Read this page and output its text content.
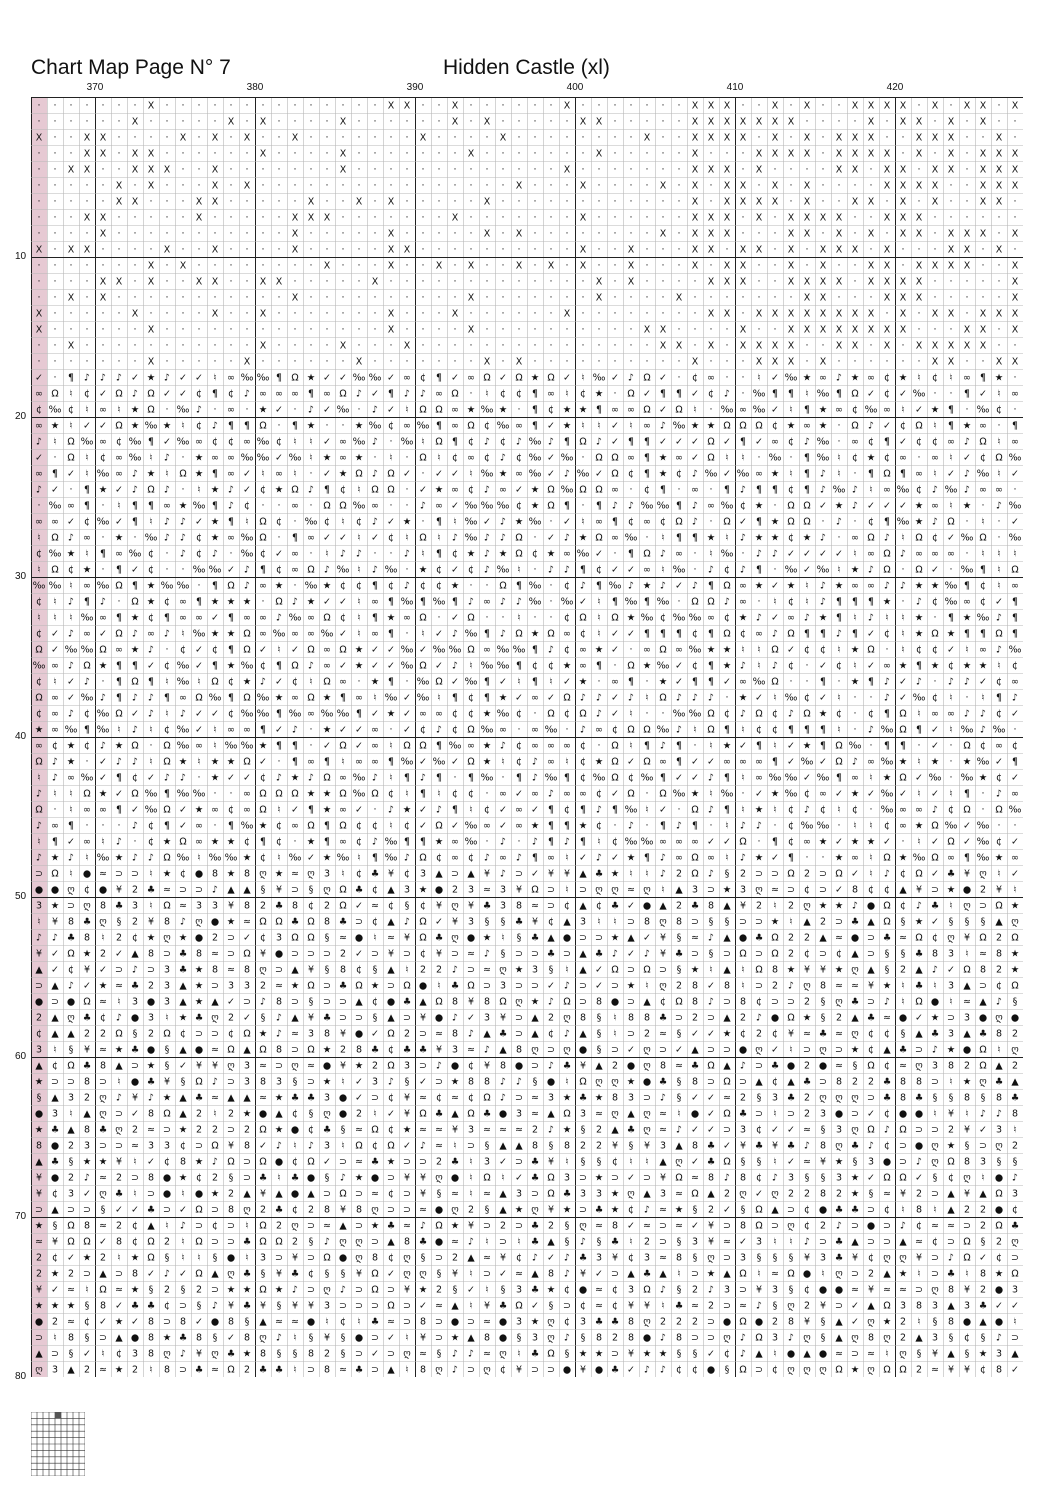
Chart Map Page N° 7	Hidden Castle (xl)
370	380	390	400	410	420
10
20
30
40
50
60
70
80
· · · · · · · X · · · · · · · · · · · · · · X X · · X · · · · · · X · · · · · · · X X X · · X · X · · X X X X · X · X X · X
· · · · · · X · · · · · X · X · · · · X · · · · · · X · X · · · · · X X · · · · · X X X X X X X · · · · X · X X · X · X · ·
X · · X X · · · · X · X · X · · X · · · · · · · X · · · · X · · · · · · · · X · · X X X X · X · X · X X X · · X X X · · X ·
· · · X X · X X · · · · · · X · · · · X · · · · · · · X · · · · · · · X · · · · · X · · · X X X X · X X X X · X · X · X X X
· · X X · · X X X · · X · · · · · · · X · · · · · · · · · · · · · X · · · · · · · X X X · X · · · · X X · X X · X X · X X X
· · · · · X · X · · · X · X · · · · · · · · · · · · · · · · X · · · X · · · · X · X · X X · X · X · · · · X X X X · · X X X
· · · · · X X · · · X X · · · · · X · · X · X · · · · · X · · · · · · · · · · · · X · X X X X · X · · X X · X · X · · X X ·
· · · X X · · · · · X · · · · · X X X · · · · · · · X · · · · · · · X · · · · · · X X X · X · X X X X · · X X X · · · · · ·
· · · · X · · · · · · · · · · · X · · · · · X · · · · · X · X · · · · · · · · X · X X X · · · X X · X · X · X X · X X X · X
X · X X · · · · X · · X · · · · X · · · · · X X · · · · · · · · · · X · · X · · · X X · X X · X · X X X · X · · · X X · X ·
· · · · · · · X · X · · · · · · · · X · · · X · · X · X · · X · X · X · · X · · · X · X X · · X · X · · X X · X X X X · · X
· · · · X X · X · · X X · · X X · · · · · X · · · · · · · · · · · · · X · X · · · · X X X · · X X X X · X X X X · · · · · X
· · X · X · · · · · · · · · · · X · · · · · · · · · · X · · · · · · · X · · · · X · · · · · · · X X · · · X X X · · · · · X
X · · · · · X · · · · X · · X · · · · · · · X · · · X · · · · · · X · · · · · · · · X X · X X X X X X X X · X · X X · X X X
X · · · · · · X · · · · · · · · · · · · · · X · · · · X · · · · · · · · · · X X · · · · X · · X X X X X X X X · · · X X · X
· · X · · · · · · · · · · · X · · · · X · · · X · · · · · · · · · · · · · · · X X · X · X X X X · · X X · X · X X X X X · ·
· · · · · · · X · · · · · X · · · · · · X · · · · · · · X · X · · · · · · · · · · X · · · X X X · X · · · · · · X X · · X X
✓ · ¶ ♪ ♪ ♪ ✓ ★ ♪ ✓ ✓ ♮ ∞ ‰ ‰ ¶ Ω ★ ✓ ✓ ‰ ‰ ✓ ∞ ¢ ¶ ✓ ∞ Ω ✓ Ω ★ Ω ✓ ♮ ‰ ✓ ♪ Ω ✓ · ¢ ∞ · · ♮ ✓ ‰ ★ ∞ ♪ ★ ∞ ¢ ★ ♮ ¢ ♮ ∞ ¶ ★ ·
∞ Ω ♮ ¢ ✓ Ω ♪ Ω ✓ ✓ ¢ ¶ ¢ ♪ ∞ ∞ ∞ ¶ ∞ Ω ♪ ✓ ¶ ♪ ♪ ∞ Ω · ♮ ¢ ¢ ¶ ∞ ♮ ¢ ★ · Ω ✓ ¶ ¶ ✓ ¢ ♪ · ‰ ¶ ¶ ♮ ‰ ¶ Ω ✓ ¢ ✓ ‰ · · ¶ ✓ ♮ ∞
¢ ‰ ¢ ♮ ∞ ♮ ★ Ω · ‰ ♪ · ∞ · ★ ✓ · ♪ ✓ ‰ · ♪ ✓ ♮ Ω Ω ∞ ★ ‰ ★ · ¶ ¢ ★ ★ ¶ ∞ ∞ Ω ✓ Ω ♮ · ‰ ∞ ‰ ✓ ♮ ¶ ★ ∞ ¢ ‰ ∞ ♮ ✓ ★ ¶ · ‰ ¢ ·
∞ ★ ♮ ✓ ✓ Ω ★ ‰ ★ ♮ ¢ ♪ ¶ ¶ Ω · ¶ ★ · · ★ ‰ ¢ ∞ ‰ ¶ ∞ Ω ¢ ‰ ∞ ¶ ✓ ★ ♮ ♮ ✓ ♮ ∞ ♪ ‰ ★ ★ Ω Ω Ω ¢ ★ ∞ ★ · Ω ♪ ✓ ¢ Ω ♮ ¶ ★ ∞ · ¶
♪ ♮ Ω ‰ ∞ ¢ ‰ ¶ ✓ ‰ ∞ ¢ ¢ ∞ ‰ ¢ ♮ ♮ ✓ ∞ ‰ ♪ · ‰ ♮ Ω ¶ ¢ ♪ ¢ ♪ ‰ ♪ ¶ Ω ♪ ✓ ¶ ¶ ✓ ✓ ✓ Ω ✓ ¶ ✓ ∞ ¢ ♪ ‰ · ∞ ¢ ¶ ✓ ¢ ¢ ∞ ♪ Ω ♮ ∞
✓ · Ω ♮ ¢ ∞ ‰ ♮ ♪ · ★ ∞ ∞ ‰ ‰ ✓ ‰ ♮ ★ ∞ ★ · ♮ · Ω ♮ ¢ ∞ ¢ ♪ ¢ ‰ ✓ ‰ · Ω Ω ∞ ¶ ★ ∞ ✓ Ω ♮ ♮ · ‰ · ¶ ‰ ♮ ¢ ★ ¢ ∞ · ∞ ♮ ✓ ¢ Ω ‰
∞ ¶ ✓ ♮ ‰ ∞ ♪ ★ ♮ Ω ★ ¶ ∞ ✓ ♮ ∞ ♮ · ✓ ★ Ω ♪ Ω ✓ · ✓ ✓ ♮ ‰ ★ ∞ ‰ ✓ ♪ ‰ ✓ Ω ¢ ¶ ★ ¢ ♪ ‰ ✓ ‰ ∞ ★ ♮ ¶ ♪ ♮ · ¶ Ω ¶ ∞ ♮ ✓ ♪ ‰ ♮ ✓
♪ ✓ · ¶ ★ ✓ ♪ Ω ♪ · ♮ ★ ♪ ✓ ¢ ★ Ω ♪ ¶ ¢ ♮ Ω Ω · ✓ ★ ∞ ¢ ♪ ∞ ✓ ★ Ω ‰ Ω Ω ∞ · ¢ ¶ · ∞ · ¶ ♪ ¶ ¶ ¢ ¶ ♪ ‰ ♪ ♮ ∞ ‰ ¢ ♪ ‰ ♪ ∞ ∞ ·
· ‰ ∞ ¶ · ♮ ¶ ¶ ∞ ★ ‰ ¶ ♪ ¢ · · ∞ · Ω Ω ‰ ∞ · · ♪ ∞ ✓ ‰ ‰ ‰ ¢ ★ Ω ¶ · ¶ ♪ ♪ ‰ ‰ ¶ ♪ ∞ ‰ ¢ ★ · Ω Ω ✓ ★ ♪ ✓ ✓ ✓ ★ ∞ ♮ ★ · ♪ ‰
∞ ∞ ✓ ¢ ‰ ✓ ¶ ♮ ♪ ♪ ✓ ★ ¶ ♮ Ω ¢ · ‰ ¢ ♮ ¢ ♪ ✓ ★ · ¶ ♮ ‰ ✓ ♪ ★ ‰ · ✓ ♮ ∞ ¶ ¢ ∞ ¢ Ω ♪ · Ω ✓ ¶ ★ Ω Ω · ♪ · ¢ ¶ ‰ ★ ♪ Ω · ♮ · ✓
♮ Ω ♪ ∞ · ★ · ‰ ♪ ♪ ¢ ★ ∞ ‰ Ω · ¶ ∞ ✓ ✓ ♮ ✓ ¢ ♮ Ω ♮ ♪ ‰ ♪ ♪ Ω · ✓ ♪ ★ Ω ∞ ‰ · ♮ ¶ ¶ ★ ♮ ♪ ★ ★ ¢ ★ ♪ · ∞ Ω ♪ ♮ Ω ¢ ✓ ‰ Ω · ‰
¢ ‰ ★ ♮ ¶ ∞ ‰ ¢ · ♪ ¢ ♪ · ‰ ¢ ✓ ∞ · ♮ ♪ ♪ · · ♪ ♮ ¶ ¢ ★ ♪ ★ Ω ¢ ★ ∞ ‰ ✓ · ¶ Ω ♪ ∞ · ♮ ‰ · ♪ ♪ ✓ ✓ ✓ ✓ ♮ ∞ Ω ♪ ∞ ∞ ∞ · ♮ ♮ ♮
♮ Ω ¢ ★ · ¶ ✓ ¢ · · ‰ ‰ ✓ ♪ ¶ ¢ ∞ Ω ♪ ‰ ♮ ♪ ‰ · ★ ¢ ✓ ¢ ♪ ‰ ♮ · ♪ ♪ ¶ ¢ ✓ ✓ ∞ ♮ ‰ · ♪ ¢ ♪ ¶ · ‰ ✓ ‰ ♮ ★ ♪ Ω · Ω ✓ · ‰ ¶ ♮ Ω
‰ ‰ ♮ ∞ ‰ Ω ¶ ★ ‰ ‰ · ¶ Ω ♪ ∞ ★ · ‰ ★ ¢ ¢ ¶ ¢ ♪ ¢ ¢ ★ · · Ω ¶ ‰ · ¢ ♪ ¶ ‰ ♪ ★ ♪ ✓ ♪ ¶ Ω ∞ ★ ✓ ★ ♮ ♪ ★ ∞ ∞ ♪ ♪ ★ ★ ‰ ¶ ¢ ♮ ∞
¢ ♮ ♪ ¶ ♪ · Ω ★ ¢ ∞ ¶ ★ ★ ★ · Ω ♪ ★ ✓ ✓ ♮ ∞ ¶ ‰ ¶ ‰ ¶ ♪ ∞ ♪ ♪ ‰ · ‰ ✓ ♮ ¶ ‰ ¶ ‰ · Ω Ω ♪ ∞ · ♮ ¢ ♮ ♪ ¶ ¶ ¶ ★ · ♪ ¢ ‰ ∞ ¢ ✓ ¶
♮ ♮ ♮ ‰ ∞ ¶ ★ ¢ ¶ ∞ ∞ ✓ ¶ ∞ ∞ ♪ ‰ ∞ Ω ¢ ♮ ¶ ★ ∞ Ω · ✓ Ω · · ♮ · · ¢ Ω ♮ Ω ★ ‰ ¢ ‰ ‰ ∞ ¢ ★ ♪ ✓ ∞ ♪ ★ ¶ ♮ ♪ ♮ ♮ ★ · ¶ ★ ‰ ♪ ¶
¢ ✓ ♪ ∞ ✓ Ω ♪ ∞ ♪ ♮ ‰ ★ ★ Ω ∞ ‰ ∞ ∞ ‰ ✓ ♮ ∞ ¶ · ♮ ✓ ♪ ‰ ¶ ♪ Ω ★ Ω ∞ ¢ ♮ ✓ ✓ ¶ ¶ ¶ ¢ ¶ Ω ¢ ∞ ♪ Ω ¶ ¶ ♪ ¶ ✓ ¢ ♮ ★ Ω ★ ¶ ¶ Ω ¶
Ω ✓ ‰ ‰ Ω ∞ ★ ♪ · ¢ ✓ ¢ ¶ Ω ✓ ♮ ✓ Ω ∞ Ω ★ ✓ ✓ ‰ ✓ ‰ ‰ Ω ∞ ‰ ‰ ¶ ♪ ¢ ∞ ★ ✓ · ∞ Ω ∞ ‰ ★ ★ ♮ ♮ Ω ✓ ¢ ¢ ♮ ★ Ω · ♮ ¢ ¢ ✓ ♮ ∞ ♪ ‰
‰ ∞ ♪ Ω ★ ¶ ¶ ✓ ¢ ‰ ✓ ¶ ★ ‰ ¢ ¶ Ω ♪ ∞ ✓ ★ ✓ ✓ ‰ Ω ✓ ♪ ♮ ‰ ‰ ¶ ¢ ¢ ★ ∞ ¶ · Ω ★ ‰ ✓ ¢ ¶ ★ ♪ ♮ ♪ ¢ · ✓ ¢ ♮ ✓ ∞ ★ ¶ ★ ¢ ★ ★ ♮ ¢
¢ ♮ ✓ ♪ · ¶ Ω ¶ ♮ ‰ ♮ Ω ¢ ★ ♪ ✓ ¢ ♮ Ω ∞ · ★ ¶ · ‰ Ω ✓ ‰ ¶ ✓ ♮ ¶ ♮ ✓ ★ · ∞ ¶ · ★ ✓ ¶ ¶ ✓ ∞ ‰ Ω · · ¶ · ★ ¶ ♪ ✓ ♪ · ♪ ♪ ✓ ¢ ∞
Ω ∞ ✓ ‰ ♪ ¶ ♪ ♪ ¶ ∞ Ω ‰ ¶ Ω ‰ ★ ∞ Ω ★ ¶ ∞ ♮ ‰ ✓ ‰ ♮ ¶ ¢ ¶ ★ ✓ ∞ ✓ Ω ♪ ♪ ✓ ♪ ♮ Ω ♪ ♪ ♪ · ★ ✓ ♮ ‰ ¢ ✓ ♮ · · ♪ ✓ ‰ ¢ ♮ · ♮ ¶ ♪
¢ ∞ ♪ ¢ ‰ Ω ✓ ♪ ♮ ♪ ✓ ✓ ¢ ‰ ‰ ¶ ‰ ∞ ‰ ‰ ¶ ✓ ★ ✓ ∞ ∞ ¢ ¢ ★ ‰ ¢ · Ω ¢ Ω ♪ ✓ ♮ · · ‰ ‰ Ω ¢ ♪ Ω ¢ ♪ Ω ★ ¢ · ¢ ¶ Ω ♮ ∞ ∞ ♪ ♪ ¢ ✓
★ ∞ ‰ ¶ ‰ ♮ ♪ ♮ ¢ ‰ ✓ ♮ ∞ ∞ ¶ ✓ ♪ · ★ ✓ ✓ ∞ · ✓ ¢ ♪ ¢ Ω ‰ ∞ · ∞ ‰ · ♪ ∞ ¢ Ω Ω ‰ ♪ ♮ Ω ¶ ♮ ¢ ¢ ¶ ¶ ¶ ♮ · ♪ ‰ Ω ¶ ✓ ♮ ‰ ♪ ‰ ·
∞ ¢ ★ ¢ ♪ ★ Ω · Ω ‰ ∞ ♮ ‰ ‰ ★ ¶ ¶ · ✓ Ω ✓ ∞ ♮ Ω Ω ¶ ‰ ∞ ★ ♪ ¢ ∞ ∞ ∞ ¢ · Ω ♮ ¶ ♪ ¶ · ♮ ★ ✓ ¶ ♮ ✓ ★ ¶ Ω ‰ · ¶ ¶ · ✓ · Ω ¢ ∞ ¢
Ω ♪ ★ · ✓ ♪ ♪ ♮ Ω ★ ♮ ★ ★ Ω ✓ · ¶ ∞ ¶ ♮ ∞ ∞ ¶ ‰ ✓ ‰ ✓ Ω ★ ♮ ¢ ♪ ∞ ♮ ¢ ★ Ω ✓ Ω ∞ ¶ ✓ ✓ ∞ ∞ ∞ ¶ ✓ ‰ ✓ Ω ♪ ∞ ‰ ★ ♮ ★ · ★ ‰ ✓ ¶
♮ ♪ ∞ ‰ ✓ ¶ ¢ ✓ ♪ ♪ · ★ ✓ ✓ ¢ ♪ ★ ♪ Ω ∞ ‰ ♪ ♮ ¶ ♪ ¶ · ¶ ‰ · ¶ ♪ ‰ ¶ ¢ ‰ Ω ¢ ‰ ¶ ✓ ✓ ♪ ¶ ♮ ∞ ‰ ‰ ✓ ‰ ¶ ∞ ♮ ★ Ω ✓ ‰ · ‰ ★ ¢ ✓
♪ ♮ ♮ Ω ★ ✓ Ω ‰ ¶ ‰ ‰ · · ∞ Ω Ω Ω ★ ★ Ω ‰ Ω ¢ ♮ ¶ ♮ ¢ ¢ · ∞ ✓ ∞ ♪ ∞ ∞ ¢ ✓ Ω · Ω ‰ ★ ♮ ‰ · ✓ ★ ‰ ¢ ∞ ✓ ★ ✓ ‰ ✓ ♮ ✓ ♮ ¶ · ♪ ∞
Ω · ♮ ∞ ∞ ¶ ✓ ‰ Ω ✓ ★ ∞ ¢ ∞ Ω ♮ ✓ ¶ ★ ∞ ✓ · ♪ ★ ✓ ♪ ¶ ♮ ¢ ✓ ∞ ✓ ¶ ¢ ¶ ♪ ¶ ‰ ♮ ✓ · Ω ♪ ¶ ♮ ★ ♮ ¢ ♪ ¢ ♮ ¢ · ‰ ∞ ∞ ♪ ¢ Ω · Ω ‰
♪ ∞ ¶ · · · ♪ ¢ ¶ ✓ ∞ · ¶ ‰ ★ ¢ ∞ Ω ¶ Ω ¢ ¢ ♮ ¢ ✓ Ω ✓ ‰ ∞ ✓ ∞ ★ ¶ ¶ ★ ¢ · ♪ · ¶ ♪ ¶ · ♮ ♪ ♪ · ¢ ‰ ‰ · ♮ ♮ ¢ ∞ ★ Ω ‰ ✓ ‰ · ·
♮ ¶ ✓ ∞ ♮ ♪ · ¢ ★ Ω ∞ ★ ★ ¢ ¶ ¢ · ★ ¶ ∞ ¢ ♪ ‰ ¶ ¶ ★ ∞ ‰ · ♪ · ♪ ¶ ♪ ¶ ♮ ¢ ‰ ‰ ∞ ∞ ∞ ✓ ✓ Ω · ¶ ¢ ∞ ★ ✓ ★ ★ ✓ · ♮ ✓ Ω ✓ ‰ ¢ ✓
♪ ★ ♪ ♮ ‰ ★ ♪ ♪ Ω ‰ ♮ ‰ ‰ ★ ¢ ♮ ‰ ✓ ★ ‰ ♮ ¶ ‰ ♪ Ω ¢ ∞ ¢ ♪ ∞ ♪ ¶ ∞ ♮ ✓ ♪ ✓ ★ ¶ ♪ ∞ Ω ∞ ♮ ♪ ★ ✓ ¶ · · ★ ∞ ♮ Ω ★ ‰ Ω ∞ ¶ ‰ ★ ∞
⊃ Ω ♮ ● ≈ ⊃ ⊃ ♮ ★ ¢ ● 8 ★ 8 ღ ★ ≈ ღ 3 ♮ ¢ ♣ ¥ ¢ 3 ▲ ⊃ ▲ ¥ ♪ ⊃ ✓ ¥ ¥ ▲ ♣ ★ ♮ ♮ ♪ 2 Ω ♪ § 2 ⊃ ⊃ Ω 2 ⊃ Ω ✓ ♮ ♪ ¢ Ω ✓ ♣ ¥ ღ ♮ ✓
● ● ღ ¢ ● ¥ 2 ♣ ≈ ⊃ ⊃ ♪ ▲ ▲ § ¥ ⊃ § ღ Ω ♣ ¢ ▲ 3 ★ ● 2 3 ≈ 3 ¥ Ω ⊃ ♮ ⊃ ღ ღ ≈ ღ ♮ ▲ 3 ⊃ ★ 3 ღ ≈ ⊃ ¢ ⊃ ✓ 8 ¢ ¢ ▲ ¥ ⊃ ★ ● 2 ¥ ♮
3 ★ ⊃ ღ 8 ♣ 3 ♮ Ω ≈ 3 3 ¥ 8 2 ♣ 8 ¢ 2 Ω ✓ ≈ ¢ § ¢ ¥ ღ ¥ ♣ 3 8 ≈ ⊃ ¢ ▲ ¢ ♣ ✓ ● ▲ 2 ♣ 8 ▲ ¥ 2 ♮ 2 ღ ★ ★ ♪ ● Ω ¢ ♪ ♣ ♮ ღ ⊃ Ω ★
♮ ¥ 8 ♣ ღ § 2 ¥ 8 ♪ ღ ● ★ ≈ Ω Ω ♣ Ω 8 ♣ ⊃ ¢ ▲ ♪ Ω ✓ ¥ 3 § § ♣ ¥ ¢ ▲ 3 ♮ ♮ ⊃ 8 ღ 8 ⊃ § § ⊃ ⊃ ★ ♮ ▲ 2 ⊃ ♣ ▲ Ω § ★ ✓ § § § ▲ ღ
♪ ♪ ♣ 8 ♮ 2 ¢ ★ ღ ★ ● 2 ⊃ ✓ ¢ 3 Ω Ω § ≈ ● ♮ ≈ ¥ Ω ♣ ღ ● ★ ♮ § ♣ ▲ ● ⊃ ⊃ ★ ▲ ✓ ¥ § ≈ ♪ ▲ ● ♣ Ω 2 2 ▲ ≈ ● ⊃ ♣ ≈ Ω ¢ ღ ¥ Ω 2 Ω
¥ ✓ Ω ★ 2 ✓ ▲ 8 ⊃ ♣ 8 ≈ ⊃ Ω ¥ ● ⊃ ⊃ ⊃ 2 ✓ ⊃ ¥ ⊃ ¢ ¥ ⊃ ≈ ♪ § ⊃ ⊃ ♣ ⊃ ▲ ♣ ♪ ✓ ♪ ¥ ♣ ⊃ § ⊃ Ω ⊃ Ω 2 ¢ ⊃ ¢ ▲ ⊃ § § ♣ 8 3 ♮ ≈ 8 ★
▲ ✓ ¢ ¥ ✓ ⊃ ♪ ⊃ 3 ♣ ★ 8 ≈ 8 ღ ⊃ ▲ ¥ § 8 ¢ § ▲ ♮ 2 2 ♪ ⊃ ≈ ღ ★ 3 § ♮ ▲ ✓ Ω ⊃ Ω ⊃ § ★ ♮ ▲ ♮ Ω 8 ★ ¥ ¥ ★ ღ ▲ § 2 ▲ ♪ ✓ Ω 8 2 ★
⊃ ▲ ♪ ✓ ★ ≈ ♣ 2 3 ▲ ★ ⊃ 3 3 2 ≈ ★ Ω ⊃ ♣ Ω ★ ⊃ Ω ● ♮ ♣ Ω ⊃ 3 ⊃ ⊃ ✓ ♪ ⊃ ✓ ⊃ ★ ♮ ღ 2 8 ✓ 8 ♮ ⊃ 2 ♪ ღ 8 ≈ ≈ ¥ ★ ♮ ♣ ♮ 3 ▲ ⊃ ¢ Ω
● ⊃ ● Ω ≈ ♮ 3 ● 3 ▲ ★ ▲ ✓ ⊃ ♪ 8 ⊃ § ⊃ ⊃ ▲ ¢ ● ♣ ▲ Ω 8 ¥ 8 Ω ღ ★ ♪ Ω ⊃ 8 ● ⊃ ▲ ¢ Ω 8 ♪ ⊃ 8 ¢ ⊃ ⊃ 2 § ღ ♣ ⊃ ♪ ♮ Ω ● ♮ ≈ ▲ ♪ §
2 ▲ ღ ♣ ¢ ♪ ● 3 ♮ ★ ♣ ღ 2 ✓ § ♪ ▲ ¥ ♣ ⊃ ⊃ § ▲ ⊃ ¥ ● ♪ ✓ 3 ¥ ⊃ ▲ 2 ღ 8 § ♮ 8 8 ♣ ⊃ 2 ⊃ ▲ 2 ♪ ● Ω ★ § 2 ▲ ♣ ≈ ● ✓ ★ ⊃ 3 ● ღ ●
¢ ▲ ▲ 2 2 Ω § 2 Ω ¢ ⊃ ⊃ ¢ Ω ★ ♪ ≈ 3 8 ¥ ● ✓ Ω 2 ⊃ ≈ 8 ♪ ▲ ♣ ⊃ ▲ ¢ ♪ ▲ § ♮ ⊃ 2 ≈ § ✓ ✓ ★ ¢ 2 ¢ ¥ ≈ ♣ ≈ ღ ¢ ¢ § ▲ ♣ 3 ▲ ♣ 8 2
3 ♮ § ¥ ≈ ★ ♣ ● § ▲ ● ≈ Ω ▲ Ω 8 ⊃ Ω ★ 2 8 ♣ ¢ ♣ ♣ ¥ 3 ≈ ♪ ▲ 8 ღ ⊃ ღ ● § ⊃ ✓ ღ ⊃ ✓ ▲ ⊃ ⊃ ● ღ ✓ ♮ ⊃ ღ ⊃ ★ ¢ ▲ ♣ ⊃ ♪ ★ ● Ω ♮ ღ
▲ ¢ Ω ♣ 8 ▲ ⊃ ★ § ✓ ¥ ¥ ღ 3 ≈ ⊃ ღ ≈ ● ¥ ★ 2 Ω 3 ⊃ ♪ ● ¢ ¥ 8 ● ⊃ ♪ ♣ ¥ ▲ 2 ● ღ 8 ≈ ♣ Ω ▲ ♪ ⊃ ♣ ● 2 ● ≈ § Ω ¢ ≈ ღ 3 8 2 Ω ▲ 2
★ ⊃ ⊃ 8 ⊃ ♮ ● ♣ ¥ § Ω ♪ ⊃ 3 8 3 § ⊃ ★ ♮ ✓ 3 ♪ § ✓ ⊃ ★ 8 8 ♪ ♪ § ● ♮ Ω ღ ღ ★ ● ♣ § 8 ⊃ Ω ⊃ ▲ ¢ ▲ ♣ ⊃ 8 2 2 ♣ 8 8 ⊃ ♮ ★ ღ ♣ ▲
§ ▲ 3 2 ღ ♪ ¥ ♪ ★ ▲ ♣ ≈ ▲ ▲ ≈ ★ ♣ ♣ 3 ● ✓ ⊃ ¢ ¥ ≈ ¢ ≈ ¢ Ω ♪ ⊃ ≈ 3 ★ ♣ ★ 8 3 ⊃ ♪ § ✓ ✓ ≈ 2 § 3 ♣ 2 ღ ღ ღ ⊃ ♣ 8 ♣ § § 8 § 8 ♣
● 3 ♮ ▲ ღ ⊃ ✓ 8 Ω ▲ 2 ♮ 2 ★ ● ▲ ¢ § ღ ● 2 ♮ ✓ ¥ Ω ♣ ▲ Ω ♣ ● 3 ≈ ▲ Ω 3 ≈ ღ ▲ ღ ≈ ♮ ● ✓ Ω ♣ ⊃ ♮ ⊃ 2 3 ● ⊃ ✓ ¢ ● ● ♮ ¥ ♮ ♪ ♪ 8
★ ♣ ▲ 8 ♣ ღ 2 ≈ ⊃ ★ 2 2 ⊃ 2 Ω ★ ● ¢ ♣ § ≈ Ω ¢ ★ ≈ ≈ ¥ 3 ≈ ≈ ≈ 2 ♪ ★ § 2 ▲ ♣ ღ ≈ ♪ ✓ ✓ ⊃ 3 ¢ ✓ ✓ ≈ § 3 ღ Ω ♪ Ω ⊃ ⊃ 2 ¥ ✓ 3 ♮
8 ● 2 3 ⊃ ⊃ ≈ 3 3 ¢ ⊃ Ω ¥ 8 ✓ ♪ ♮ ♪ 3 ♮ Ω ¢ Ω ✓ ♪ ≈ ♮ ⊃ § ▲ ▲ 8 § 8 2 2 ¥ § ¥ 3 ▲ 8 ♣ ✓ ¥ ♣ ¥ ♣ ♪ 8 ღ ♣ ♪ ¢ ⊃ ● ღ ★ § ⊃ ღ 2
▲ ♣ § ★ ★ ¥ ♮ ✓ ¢ 8 ★ ♪ Ω ⊃ Ω ● ¢ Ω ✓ ⊃ ≈ ♣ ★ ⊃ ⊃ 2 ♣ ♮ 3 ✓ ⊃ ♣ ¥ ♮ § § ¢ ♮ ♮ ▲ ღ ✓ ♣ Ω § § ♮ ✓ ≈ ¥ ★ § 3 ● ⊃ ♪ ღ Ω 8 3 § §
¥ ● 2 ♪ ≈ 2 ⊃ 8 ● ★ ¢ 2 § ⊃ ♣ ♮ ♣ ● § ♪ ★ ● ⊃ ¥ ¥ ღ ● ♮ Ω ♮ ✓ ♣ Ω 3 ⊃ ★ ⊃ ✓ ⊃ ¥ Ω ≈ 8 ♪ 8 ¢ ♪ 3 § § 3 ★ ✓ Ω Ω ✓ § ¢ ღ ♮ ● ♪
¥ ¢ 3 ✓ ღ ♣ ♮ ⊃ ● ♮ ● ★ 2 ▲ ¥ ▲ ● ▲ ⊃ Ω ⊃ ≈ ¢ ⊃ ¥ § ≈ ♮ ≈ ▲ 3 ⊃ Ω ♣ 3 3 ★ ღ ▲ 3 ≈ Ω ▲ 2 ღ ✓ ღ 2 2 8 2 ★ § ≈ ¥ 2 ⊃ ▲ ¥ ▲ Ω 3
⊃ ▲ ⊃ ⊃ § ✓ ✓ ♣ ⊃ ✓ Ω ⊃ 8 ღ 2 ♣ ¢ 2 8 ¥ 8 ღ ⊃ ⊃ ≈ ● ღ 2 § ▲ ★ ღ ¥ ★ ⊃ ♣ ★ ¢ ♪ ≈ ★ § 2 ✓ § Ω ▲ ⊃ ¢ ● ♣ ♣ ⊃ ¢ ♮ 8 ♮ ▲ 2 2 ● ¢
★ § Ω 8 ≈ 2 ¢ ▲ ♮ ♪ ⊃ ¢ ⊃ ♮ Ω 2 ღ ⊃ ≈ ▲ ⊃ ★ ♣ ≈ ♪ Ω ★ ¥ ⊃ 2 ⊃ ♣ 2 § ღ ≈ 8 ✓ ≈ ⊃ ≈ ✓ ¥ ⊃ 8 Ω ⊃ ღ ¢ 2 ♪ ⊃ ● ⊃ ♪ ¢ ≈ ≈ ⊃ 2 Ω ♣
≈ ¥ Ω Ω ✓ 8 ¢ Ω 2 ♮ Ω ⊃ ⊃ ♣ Ω Ω 2 § ♪ ღ ღ ⊃ ▲ 8 ♣ ● ≈ ♪ ♮ ⊃ ♮ ♣ ▲ § ♪ § ♣ ♮ 2 ⊃ § 3 ¥ ≈ ✓ 3 ♮ ♮ ♪ ⊃ ♣ ▲ ⊃ ⊃ ▲ ≈ ¢ ⊃ Ω § 2 ღ
2 ¢ ✓ ★ 2 ♮ ★ Ω § ♮ ♮ § ● ♮ 3 ⊃ ¥ ⊃ Ω ● ღ 8 ¢ ღ § ⊃ 2 ▲ ≈ ¥ ¢ ♪ ✓ ♪ ♣ 3 ¥ ¢ 3 ≈ 8 § ღ ⊃ 3 § § § ¥ 3 ♣ ¥ ¢ ღ ღ ¥ ⊃ ♪ Ω ✓ ¢ ⊃
2 ★ 2 ⊃ ▲ ⊃ 8 ✓ ♪ ✓ Ω ▲ ღ ♣ § ¥ ♣ ¢ § § ¥ Ω ✓ ღ ღ § ¥ ♮ ⊃ ✓ ≈ ▲ 8 ♪ ¥ ✓ ⊃ ▲ ♣ ▲ ♮ ⊃ ★ ▲ Ω ♮ ≈ Ω ● ♮ ღ ⊃ 2 ▲ ★ ♮ ⊃ ♣ ♮ 8 ★ Ω
¥ ✓ ≈ ♮ Ω ≈ ★ § 2 § 2 ⊃ ★ ★ Ω ★ ♪ ⊃ ღ ♪ ⊃ Ω ⊃ ¥ ★ 2 § ✓ ♮ § 3 ♣ ★ ¢ ● ≈ ¢ 3 Ω ♪ § 2 ♪ 3 ⊃ ¥ 3 § ¢ ● ● ≈ ¥ ≈ ≈ ⊃ ღ 8 ¥ 2 ● 3
★ ★ ★ § 8 ✓ ♣ ♣ ¢ ⊃ § ♪ ¥ ♣ ¥ § ¥ ¥ 3 ⊃ ⊃ ⊃ Ω ⊃ ✓ ≈ ▲ ♮ ¥ ♣ Ω ✓ § ⊃ ¢ ≈ ¢ ¥ ¥ ♮ ♣ ≈ 2 ⊃ ≈ ♪ § ღ 2 ¥ ⊃ ✓ ▲ Ω 3 8 3 ▲ 3 ♣ ✓ ✓
● 2 ≈ ¢ ✓ ★ ✓ 8 ⊃ 8 ✓ ● 8 § ▲ ≈ ≈ ● ♮ ¢ ♮ ♣ ≈ ⊃ 8 ⊃ ● ⊃ ≈ ● 3 ★ ღ ¢ 3 ♣ ♣ 8 ღ 2 2 2 ⊃ ● Ω ● 2 8 ¥ § ▲ ✓ ღ ★ 2 ♮ § 8 ● ▲ ● ♮
⊃ ♮ 8 § ⊃ ▲ ● 8 ★ ♣ 8 § ✓ 8 ღ ♪ ♮ § ¥ § ● ⊃ ✓ ♮ ¥ ⊃ ★ ▲ 8 ● § 3 ღ ♪ § 8 2 8 ● ♪ 8 ⊃ ⊃ ღ ♪ Ω 3 ♪ ღ § ▲ ღ 8 ღ 2 ▲ 3 § ¢ § ♪ ⊃
▲ ⊃ § ✓ ♮ ¢ 3 8 ღ ♪ ¥ ღ ♣ ★ 8 § § 8 2 § ⊃ ✓ ⊃ ღ ≈ § ♪ ♪ ≈ ღ ♮ ♣ Ω § ★ ★ ⊃ ¥ ★ ★ § § ✓ ¢ ♪ ▲ ♮ ● ▲ ● ≈ ⊃ ≈ ♮ ღ § ¥ ▲ § ★ 3 ▲
ღ 3 ▲ 2 ≈ ★ 2 ♮ 8 ⊃ ♣ ≈ Ω 2 ♣ ♣ ♮ ⊃ 8 ≈ ♣ ⊃ ▲ ♮ 8 ღ ♪ ⊃ ღ ¢ ¥ ⊃ ⊃ ● ¥ ● ♣ ✓ ♪ ♪ ¢ ¢ ● § Ω ⊃ ¢ ღ ღ ღ Ω ★ ღ Ω Ω 2 ≈ ¥ ¥ ¢ 8 ✓
